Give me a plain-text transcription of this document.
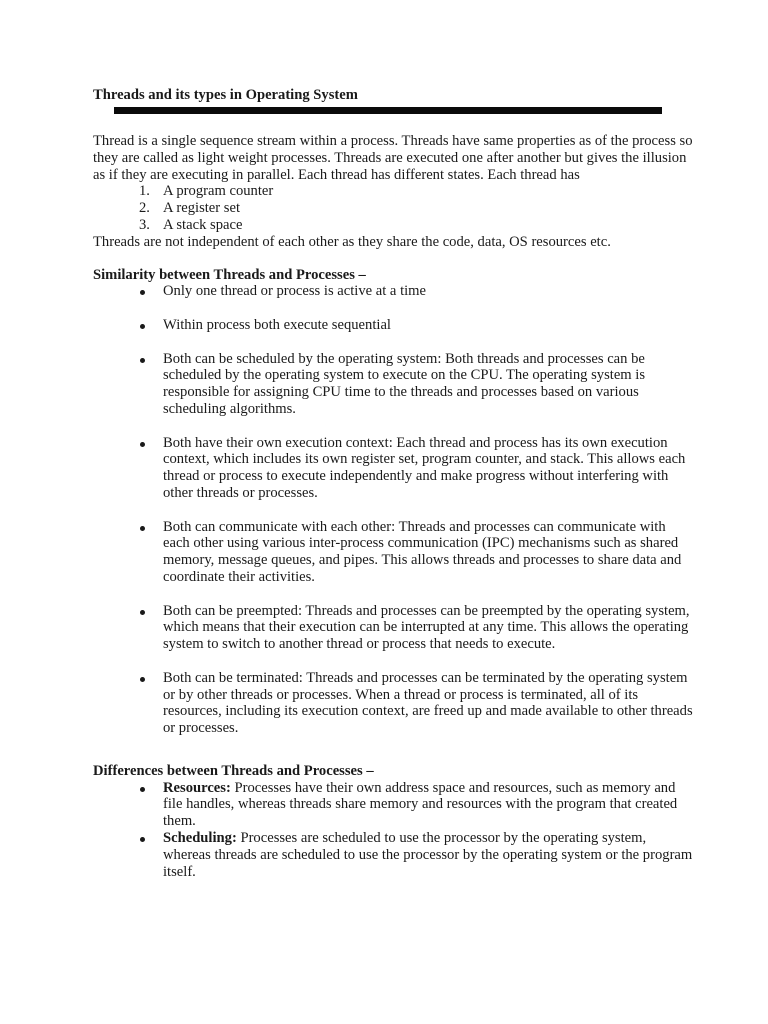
Threads and its types in Operating System

Thread is a single sequence stream within a process. Threads have same properties as of the process so they are called as light weight processes. Threads are executed one after another but gives the illusion as if they are executing in parallel. Each thread has different states. Each thread has

1. A program counter
2. A register set
3. A stack space

Threads are not independent of each other as they share the code, data, OS resources etc.

Similarity between Threads and Processes –
Only one thread or process is active at a time
Within process both execute sequential
Both can be scheduled by the operating system: Both threads and processes can be scheduled by the operating system to execute on the CPU. The operating system is responsible for assigning CPU time to the threads and processes based on various scheduling algorithms.
Both have their own execution context: Each thread and process has its own execution context, which includes its own register set, program counter, and stack. This allows each thread or process to execute independently and make progress without interfering with other threads or processes.
Both can communicate with each other: Threads and processes can communicate with each other using various inter-process communication (IPC) mechanisms such as shared memory, message queues, and pipes. This allows threads and processes to share data and coordinate their activities.
Both can be preempted: Threads and processes can be preempted by the operating system, which means that their execution can be interrupted at any time. This allows the operating system to switch to another thread or process that needs to execute.
Both can be terminated: Threads and processes can be terminated by the operating system or by other threads or processes. When a thread or process is terminated, all of its resources, including its execution context, are freed up and made available to other threads or processes.
Differences between Threads and Processes –
Resources: Processes have their own address space and resources, such as memory and file handles, whereas threads share memory and resources with the program that created them.
Scheduling: Processes are scheduled to use the processor by the operating system, whereas threads are scheduled to use the processor by the operating system or the program itself.
